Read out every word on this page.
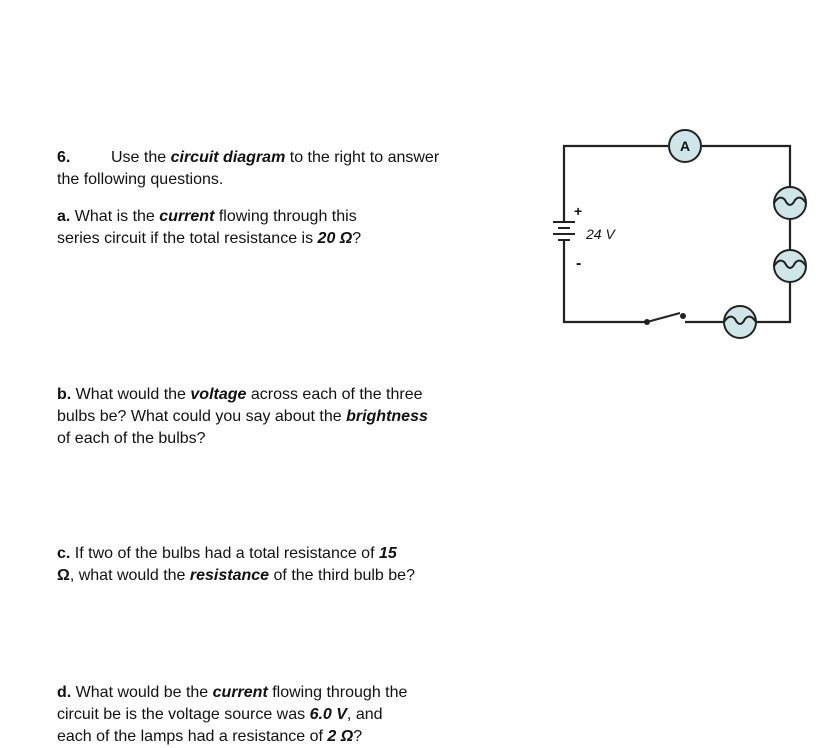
6.	Use the circuit diagram to the right to answer
the following questions.

a. What is the current flowing through this
series circuit if the total resistance is 20 Ω?

b. What would the voltage across each of the three
bulbs be? What could you say about the brightness
of each of the bulbs?

c. If two of the bulbs had a total resistance of 15
Ω, what would the resistance of the third bulb be?

d. What would be the current flowing through the
circuit be is the voltage source was 6.0 V, and
each of the lamps had a resistance of 2 Ω?

+
-
24 V
A
